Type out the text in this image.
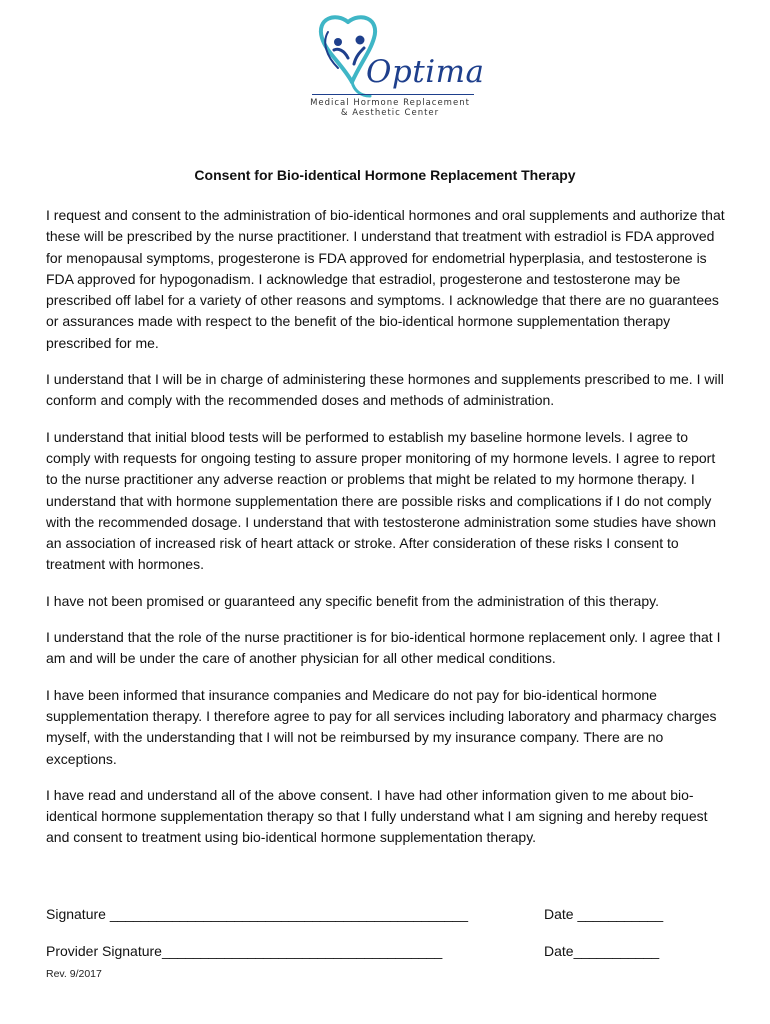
Optima
Medical Hormone Replacement
& Aesthetic Center
Consent for Bio-identical Hormone Replacement Therapy

I request and consent to the administration of bio-identical hormones and oral supplements and authorize that these will be prescribed by the nurse practitioner. I understand that treatment with estradiol is FDA approved for menopausal symptoms, progesterone is FDA approved for endometrial hyperplasia, and testosterone is FDA approved for hypogonadism. I acknowledge that estradiol, progesterone and testosterone may be prescribed off label for a variety of other reasons and symptoms. I acknowledge that there are no guarantees or assurances made with respect to the benefit of the bio-identical hormone supplementation therapy prescribed for me.

I understand that I will be in charge of administering these hormones and supplements prescribed to me. I will conform and comply with the recommended doses and methods of administration.

I understand that initial blood tests will be performed to establish my baseline hormone levels. I agree to comply with requests for ongoing testing to assure proper monitoring of my hormone levels. I agree to report to the nurse practitioner any adverse reaction or problems that might be related to my hormone therapy. I understand that with hormone supplementation there are possible risks and complications if I do not comply with the recommended dosage. I understand that with testosterone administration some studies have shown an association of increased risk of heart attack or stroke. After consideration of these risks I consent to treatment with hormones.

I have not been promised or guaranteed any specific benefit from the administration of this therapy.

I understand that the role of the nurse practitioner is for bio-identical hormone replacement only. I agree that I am and will be under the care of another physician for all other medical conditions.

I have been informed that insurance companies and Medicare do not pay for bio-identical hormone supplementation therapy. I therefore agree to pay for all services including laboratory and pharmacy charges myself, with the understanding that I will not be reimbursed by my insurance company. There are no exceptions.

I have read and understand all of the above consent. I have had other information given to me about bio-identical hormone supplementation therapy so that I fully understand what I am signing and hereby request and consent to treatment using bio-identical hormone supplementation therapy.

Signature ______________________________________________	Date ___________
Provider Signature____________________________________	Date___________
Rev. 9/2017
